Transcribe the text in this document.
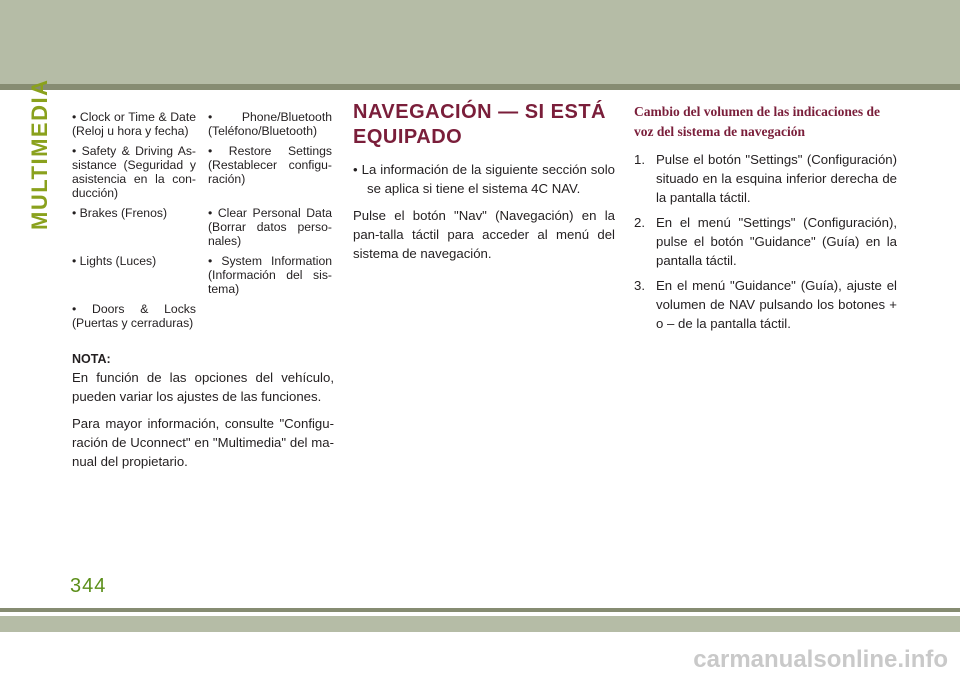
MULTIMEDIA • Clock or Time & Date (Reloj u hora y fecha)
• Phone/Bluetooth (Teléfono/Bluetooth)
• Safety & Driving As-sistance (Seguridad y asistencia en la con-ducción)
• Restore Settings (Restablecer configu-ración)
• Brakes (Frenos)	• Clear Personal Data (Borrar datos perso-nales)
• Lights (Luces)	• System Information (Información del sis-tema)
• Doors & Locks (Puertas y cerraduras)
NOTA:
En función de las opciones del vehículo, pueden variar los ajustes de las funciones.
Para mayor información, consulte "Configu-ración de Uconnect" en "Multimedia" del ma-nual del propietario.
NAVEGACIÓN — SI ESTÁ EQUIPADO
• La información de la siguiente sección solo se aplica si tiene el sistema 4C NAV.
Pulse el botón "Nav" (Navegación) en la pan-talla táctil para acceder al menú del sistema de navegación.
Cambio del volumen de las indicaciones de voz del sistema de navegación
1. Pulse el botón "Settings" (Configuración) situado en la esquina inferior derecha de la pantalla táctil.
2. En el menú "Settings" (Configuración), pulse el botón "Guidance" (Guía) en la pantalla táctil.
3. En el menú "Guidance" (Guía), ajuste el volumen de NAV pulsando los botones + o – de la pantalla táctil.
344
carmanualsonline.info
